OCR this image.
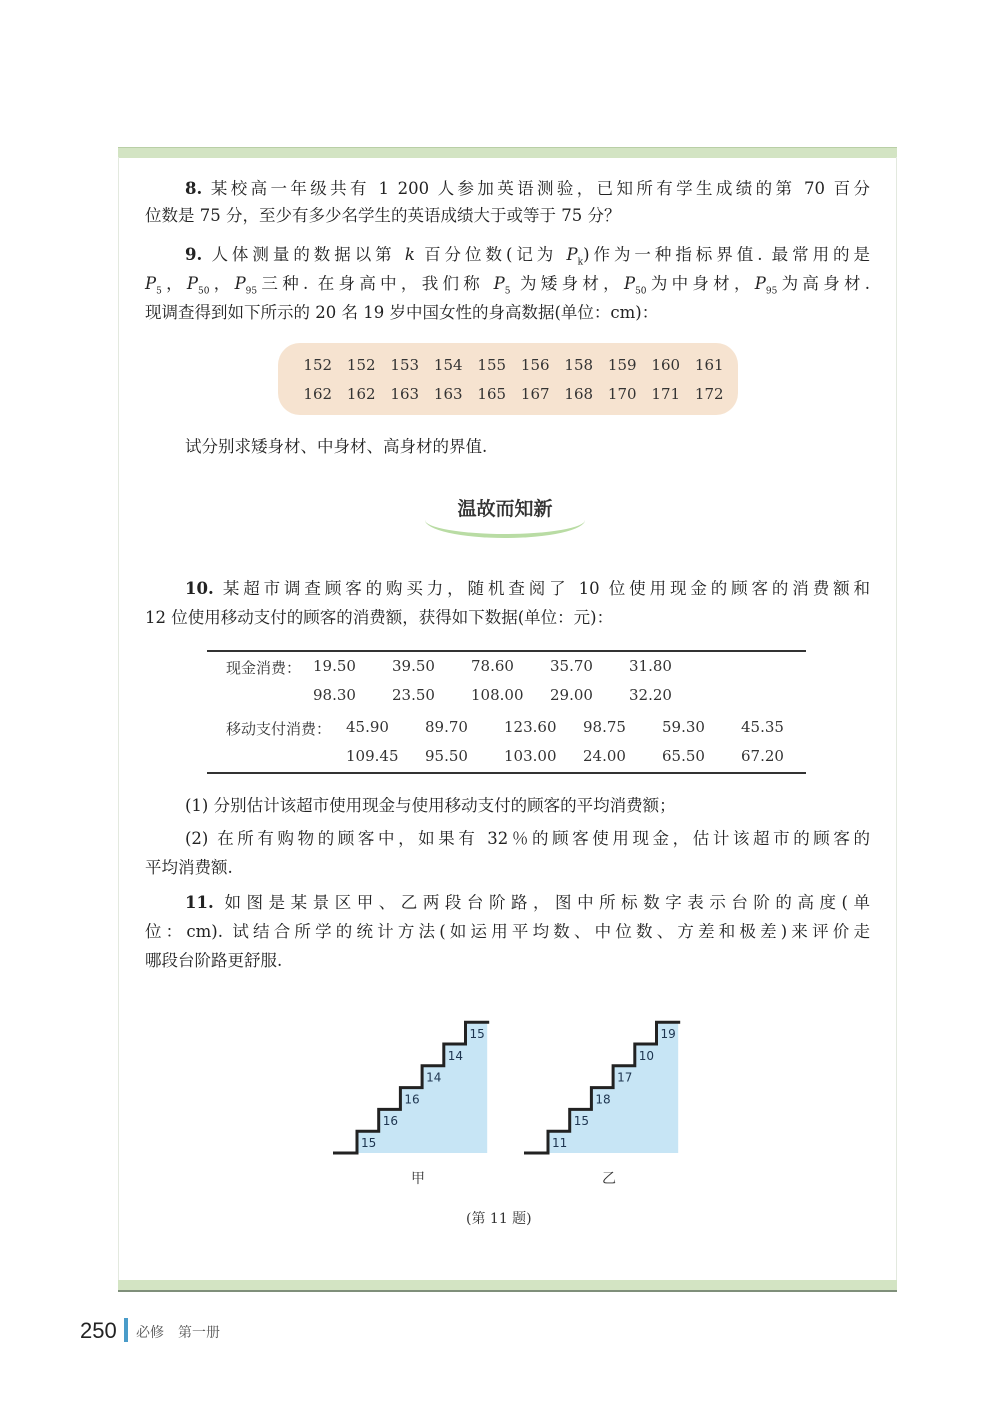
8. 某校高一年级共有 1 200 人参加英语测验，已知所有学生成绩的第 70 百分
位数是 75 分，至少有多少名学生的英语成绩大于或等于 75 分？
9. 人体测量的数据以第 k 百分位数(记为 $P_k$)作为一种指标界值. 最常用的是
$P_5$，$P_{50}$，$P_{95}$三种. 在身高中，我们称 $P_5$ 为矮身材，$P_{50}$为中身材，$P_{95}$为高身材.
现调查得到如下所示的 20 名 19 岁中国女性的身高数据(单位：cm)：
152 152 153 154 155 156 158 159 160 161
162 162 163 163 165 167 168 170 171 172
试分别求矮身材、中身材、高身材的界值.
温故而知新
10. 某超市调查顾客的购买力，随机查阅了 10 位使用现金的顾客的消费额和
12 位使用移动支付的顾客的消费额，获得如下数据(单位：元)：
现金消费：
移动支付消费：
19.50 39.50 78.60 35.70 31.80
98.30 23.50 108.00 29.00 32.20
45.90 89.70 123.60 98.75 59.30 45.35
109.45 95.50 103.00 24.00 65.50 67.20
(1) 分别估计该超市使用现金与使用移动支付的顾客的平均消费额；
(2) 在所有购物的顾客中，如果有 32％的顾客使用现金，估计该超市的顾客的
平均消费额.
11. 如图是某景区甲、乙两段台阶路，图中所标数字表示台阶的高度(单
位：cm). 试结合所学的统计方法(如运用平均数、中位数、方差和极差)来评价走
哪段台阶路更舒服.
15
16
16
14
14
15
11
15
18
17
10
19
甲	乙
(第 11 题)
250 必修　第一册
